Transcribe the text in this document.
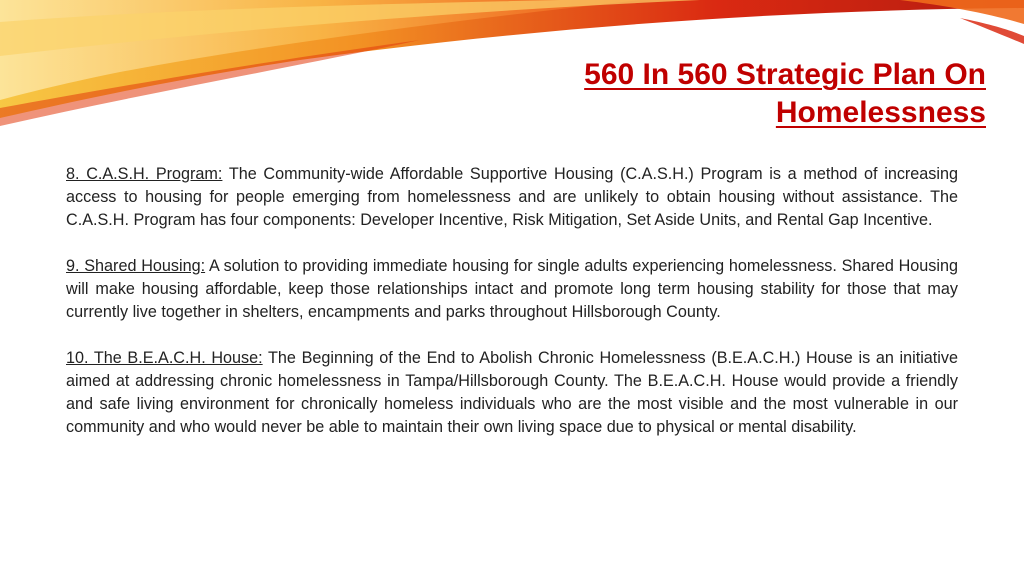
560 In 560 Strategic Plan On Homelessness

8. C.A.S.H. Program: The Community-wide Affordable Supportive Housing (C.A.S.H.) Program is a method of increasing access to housing for people emerging from homelessness and are unlikely to obtain housing without assistance. The C.A.S.H. Program has four components: Developer Incentive, Risk Mitigation, Set Aside Units, and Rental Gap Incentive.

9. Shared Housing: A solution to providing immediate housing for single adults experiencing homelessness. Shared Housing will make housing affordable, keep those relationships intact and promote long term housing stability for those that may currently live together in shelters, encampments and parks throughout Hillsborough County.

10. The B.E.A.C.H. House: The Beginning of the End to Abolish Chronic Homelessness (B.E.A.C.H.) House is an initiative aimed at addressing chronic homelessness in Tampa/Hillsborough County. The B.E.A.C.H. House would provide a friendly and safe living environment for chronically homeless individuals who are the most visible and the most vulnerable in our community and who would never be able to maintain their own living space due to physical or mental disability.
